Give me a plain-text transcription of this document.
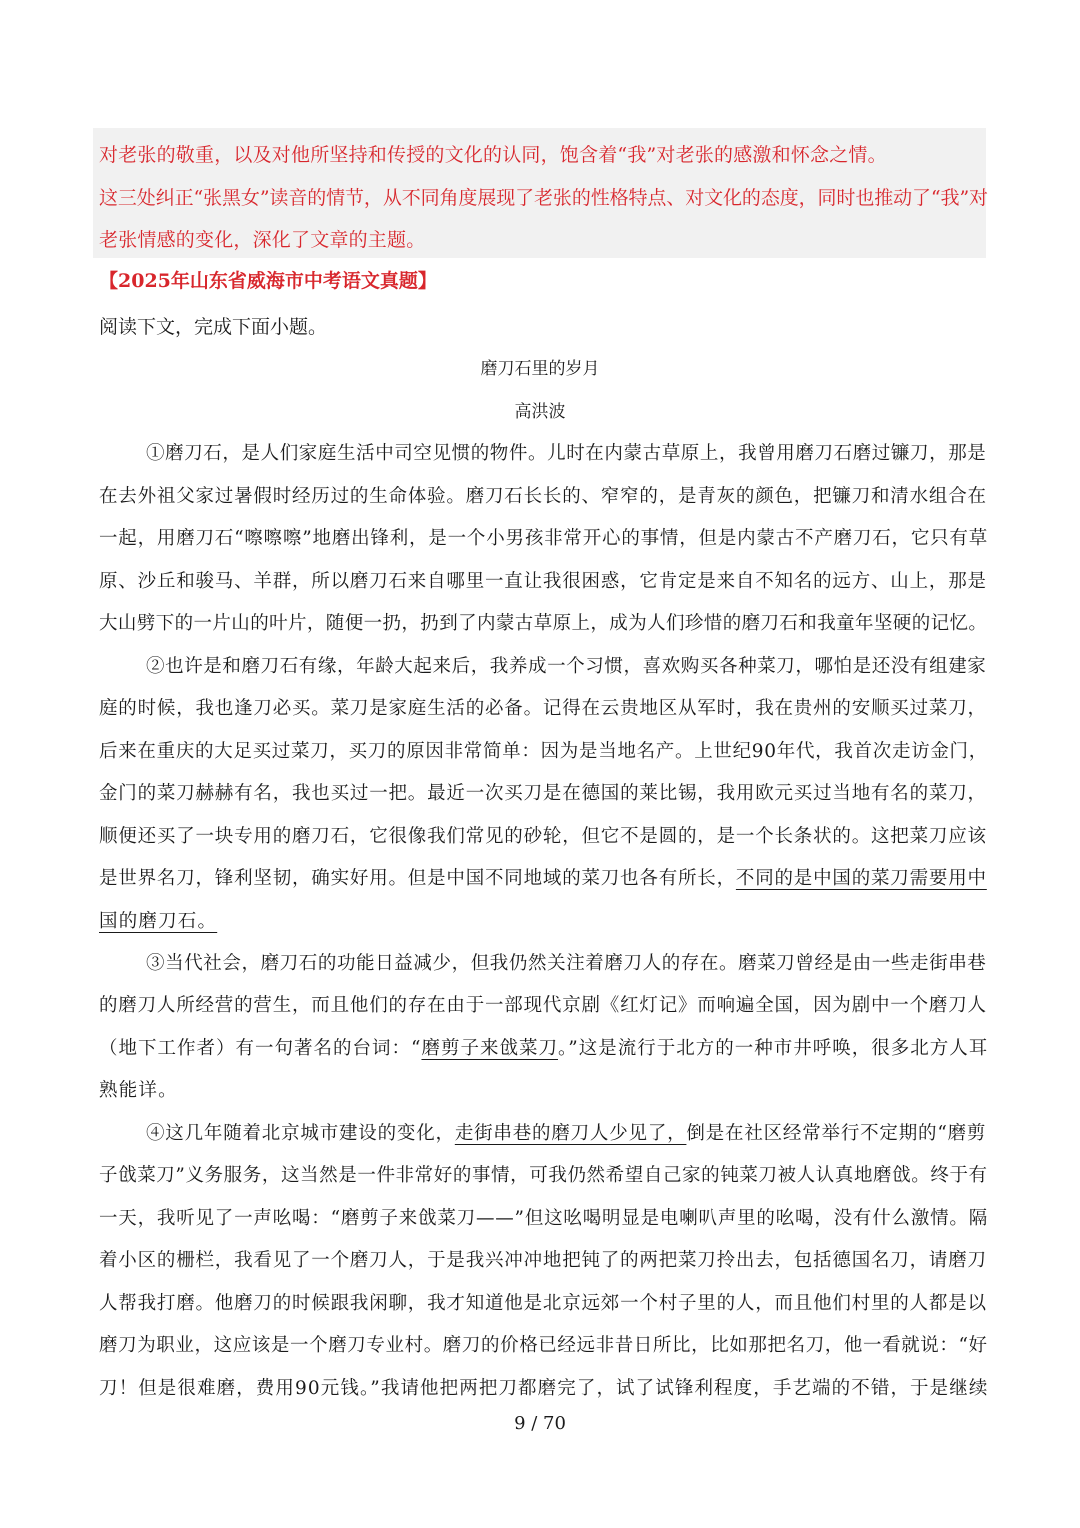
对老张的敬重，以及对他所坚持和传授的文化的认同，饱含着“我”对老张的感激和怀念之情。
这三处纠正“张黑女”读音的情节，从不同角度展现了老张的性格特点、对文化的态度，同时也推动了“我”对
老张情感的变化，深化了文章的主题。
【2025年山东省威海市中考语文真题】
阅读下文，完成下面小题。
磨刀石里的岁月
高洪波
①磨刀石，是人们家庭生活中司空见惯的物件。儿时在内蒙古草原上，我曾用磨刀石磨过镰刀，那是
在去外祖父家过暑假时经历过的生命体验。磨刀石长长的、窄窄的，是青灰的颜色，把镰刀和清水组合在
一起，用磨刀石“嚓嚓嚓”地磨出锋利，是一个小男孩非常开心的事情，但是内蒙古不产磨刀石，它只有草
原、沙丘和骏马、羊群，所以磨刀石来自哪里一直让我很困惑，它肯定是来自不知名的远方、山上，那是
大山劈下的一片山的叶片，随便一扔，扔到了内蒙古草原上，成为人们珍惜的磨刀石和我童年坚硬的记忆。
②也许是和磨刀石有缘，年龄大起来后，我养成一个习惯，喜欢购买各种菜刀，哪怕是还没有组建家
庭的时候，我也逢刀必买。菜刀是家庭生活的必备。记得在云贵地区从军时，我在贵州的安顺买过菜刀，
后来在重庆的大足买过菜刀，买刀的原因非常简单：因为是当地名产。上世纪90年代，我首次走访金门，
金门的菜刀赫赫有名，我也买过一把。最近一次买刀是在德国的莱比锡，我用欧元买过当地有名的菜刀，
顺便还买了一块专用的磨刀石，它很像我们常见的砂轮，但它不是圆的，是一个长条状的。这把菜刀应该
是世界名刀，锋利坚韧，确实好用。但是中国不同地域的菜刀也各有所长，不同的是中国的菜刀需要用中
国的磨刀石。
③当代社会，磨刀石的功能日益减少，但我仍然关注着磨刀人的存在。磨菜刀曾经是由一些走街串巷
的磨刀人所经营的营生，而且他们的存在由于一部现代京剧《红灯记》而响遍全国，因为剧中一个磨刀人
（地下工作者）有一句著名的台词：“磨剪子来戗菜刀。”这是流行于北方的一种市井呼唤，很多北方人耳
熟能详。
④这几年随着北京城市建设的变化，走街串巷的磨刀人少见了，倒是在社区经常举行不定期的“磨剪
子戗菜刀”义务服务，这当然是一件非常好的事情，可我仍然希望自己家的钝菜刀被人认真地磨戗。终于有
一天，我听见了一声吆喝：“磨剪子来戗菜刀——”但这吆喝明显是电喇叭声里的吆喝，没有什么激情。隔
着小区的栅栏，我看见了一个磨刀人，于是我兴冲冲地把钝了的两把菜刀拎出去，包括德国名刀，请磨刀
人帮我打磨。他磨刀的时候跟我闲聊，我才知道他是北京远郊一个村子里的人，而且他们村里的人都是以
磨刀为职业，这应该是一个磨刀专业村。磨刀的价格已经远非昔日所比，比如那把名刀，他一看就说：“好
刀！但是很难磨，费用90元钱。”我请他把两把刀都磨完了，试了试锋利程度，手艺端的不错，于是继续
9 / 70
